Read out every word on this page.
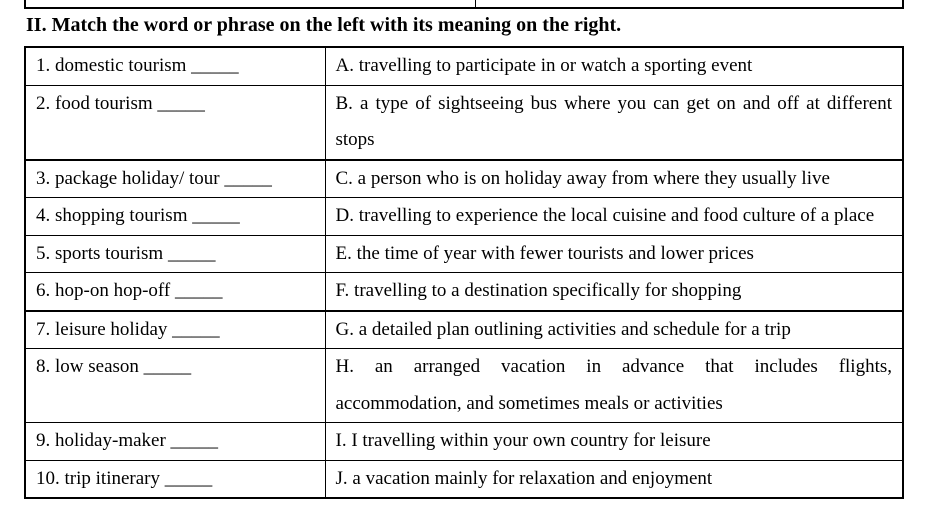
II. Match the word or phrase on the left with its meaning on the right.
1. domestic tourism _____	A. travelling to participate in or watch a sporting event
2. food tourism _____	B. a type of sightseeing bus where you can get on and off at different stops
3. package holiday/ tour _____	C. a person who is on holiday away from where they usually live
4. shopping tourism _____	D. travelling to experience the local cuisine and food culture of a place
5. sports tourism _____	E. the time of year with fewer tourists and lower prices
6. hop-on hop-off _____	F. travelling to a destination specifically for shopping
7. leisure holiday _____	G. a detailed plan outlining activities and schedule for a trip
8. low season _____	H. an arranged vacation in advance that includes flights, accommodation, and sometimes meals or activities
9. holiday-maker _____	I. I travelling within your own country for leisure
10. trip itinerary _____	J. a vacation mainly for relaxation and enjoyment
